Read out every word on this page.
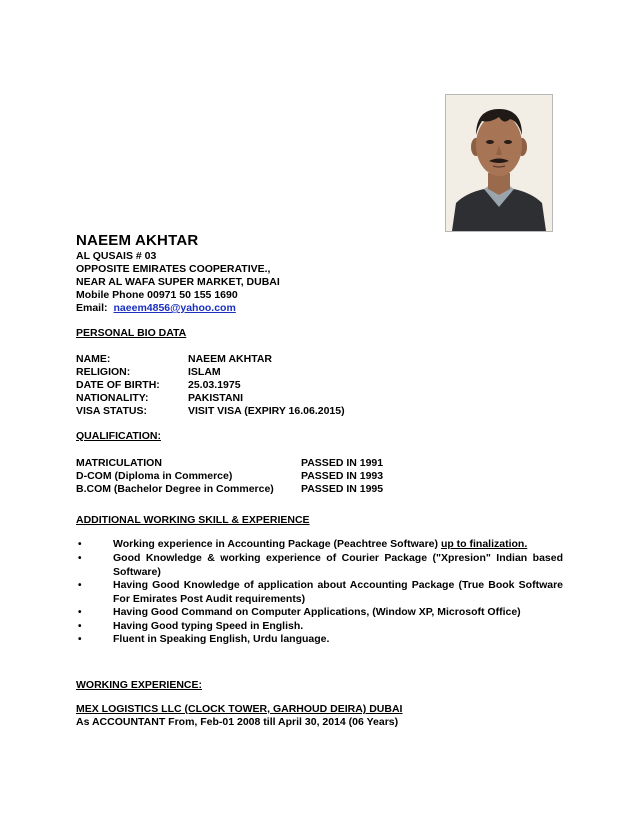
NAEEM AKHTAR
AL QUSAIS # 03
OPPOSITE EMIRATES COOPERATIVE.,
NEAR AL WAFA SUPER MARKET, DUBAI
Mobile Phone 00971 50 155 1690
Email: naeem4856@yahoo.com
PERSONAL BIO DATA
NAME:	NAEEM AKHTAR
RELIGION:	ISLAM
DATE OF BIRTH:	25.03.1975
NATIONALITY:	PAKISTANI
VISA STATUS:	VISIT VISA (EXPIRY 16.06.2015)
QUALIFICATION:
MATRICULATION	PASSED IN 1991
D-COM (Diploma in Commerce)	PASSED IN 1993
B.COM (Bachelor Degree in Commerce)	PASSED IN 1995
ADDITIONAL WORKING SKILL & EXPERIENCE
•	Working experience in Accounting Package (Peachtree Software) up to finalization.
•	Good Knowledge & working experience of Courier Package ("Xpresion" Indian based Software)
•	Having Good Knowledge of application about Accounting Package (True Book Software For Emirates Post Audit requirements)
•	Having Good Command on Computer Applications, (Window XP, Microsoft Office)
•	Having Good typing Speed in English.
•	Fluent in Speaking English, Urdu language.
WORKING EXPERIENCE:
MEX LOGISTICS LLC (CLOCK TOWER, GARHOUD DEIRA) DUBAI
As ACCOUNTANT From, Feb-01 2008 till April 30, 2014 (06 Years)
